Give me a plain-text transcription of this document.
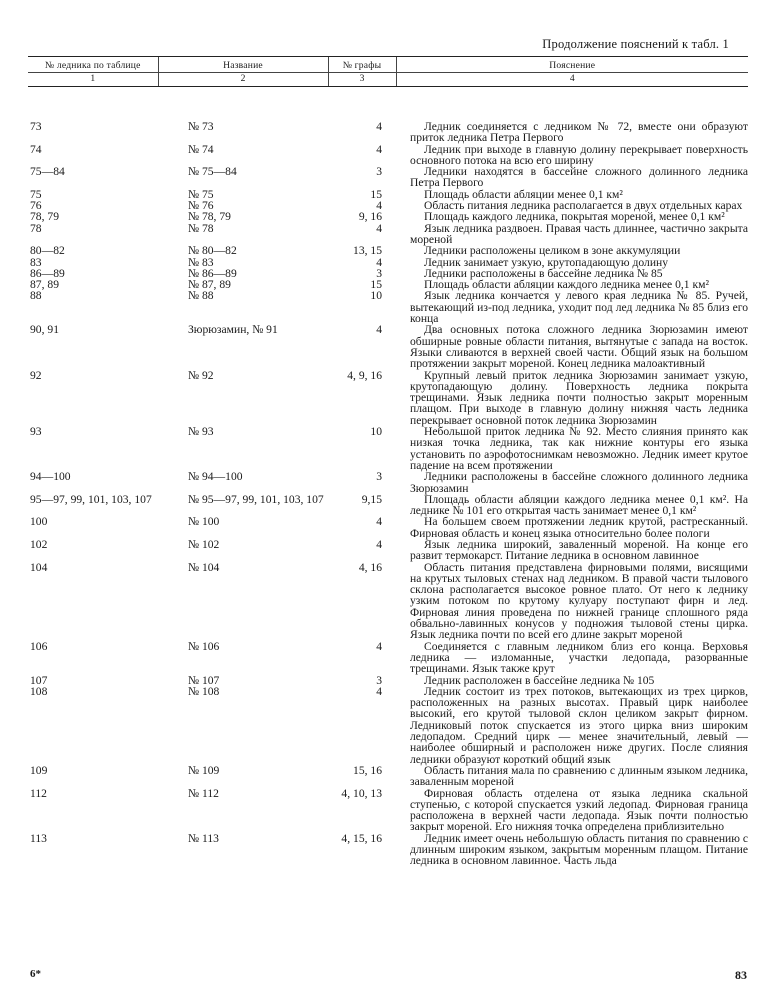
Продолжение пояснений к табл. 1
№ ледника по таблице	Название	№ графы	Пояснение
1	2	3	4

73	№ 73	4	Ледник соединяется с ледником № 72, вместе они образуют приток ледника Петра Первого
74	№ 74	4	Ледник при выходе в главную долину перекрывает поверхность основного потока на всю его ширину
75—84	№ 75—84	3	Ледники находятся в бассейне сложного долинного ледника Петра Первого
75	№ 75	15	Площадь области абляции менее 0,1 км²
76	№ 76	4	Область питания ледника располагается в двух отдельных карах
78, 79	№ 78, 79	9, 16	Площадь каждого ледника, покрытая мореной, менее 0,1 км²
78	№ 78	4	Язык ледника раздвоен. Правая часть длиннее, частично закрыта мореной
80—82	№ 80—82	13, 15	Ледники расположены целиком в зоне аккумуляции
83	№ 83	4	Ледник занимает узкую, крутопадающую долину
86—89	№ 86—89	3	Ледники расположены в бассейне ледника № 85
87, 89	№ 87, 89	15	Площадь области абляции каждого ледника менее 0,1 км²
88	№ 88	10	Язык ледника кончается у левого края ледника № 85. Ручей, вытекающий из-под ледника, уходит под лед ледника № 85 близ его конца
90, 91	Зюрюзамин, № 91	4	Два основных потока сложного ледника Зюрюзамин имеют обширные ровные области питания, вытянутые с запада на восток. Языки сливаются в верхней своей части. Общий язык на большом протяжении закрыт мореной. Конец ледника малоактивный
92	№ 92	4, 9, 16	Крупный левый приток ледника Зюрюзамин занимает узкую, крутопадающую долину. Поверхность ледника покрыта трещинами. Язык ледника почти полностью закрыт моренным плащом. При выходе в главную долину нижняя часть ледника перекрывает основной поток ледника Зюрюзамин
93	№ 93	10	Небольшой приток ледника № 92. Место слияния принято как низкая точка ледника, так как нижние контуры его языка установить по аэрофотоснимкам невозможно. Ледник имеет крутое падение на всем протяжении
94—100	№ 94—100	3	Ледники расположены в бассейне сложного долинного ледника Зюрюзамин
95—97, 99, 101, 103, 107	№ 95—97, 99, 101, 103, 107	9,15	Площадь области абляции каждого ледника менее 0,1 км². На леднике № 101 его открытая часть занимает менее 0,1 км²
100	№ 100	4	На большем своем протяжении ледник крутой, растресканный. Фирновая область и конец языка относительно более пологи
102	№ 102	4	Язык ледника широкий, заваленный мореной. На конце его развит термокарст. Питание ледника в основном лавинное
104	№ 104	4, 16	Область питания представлена фирновыми полями, висящими на крутых тыловых стенах над ледником. В правой части тылового склона располагается высокое ровное плато. От него к леднику узким потоком по крутому кулуару поступают фирн и лед. Фирновая линия проведена по нижней границе сплошного ряда обвально-лавинных конусов у подножия тыловой стены цирка. Язык ледника почти по всей его длине закрыт мореной
106	№ 106	4	Соединяется с главным ледником близ его конца. Верховья ледника — изломанные, участки ледопада, разорванные трещинами. Язык также крут
107	№ 107	3	Ледник расположен в бассейне ледника № 105
108	№ 108	4	Ледник состоит из трех потоков, вытекающих из трех цирков, расположенных на разных высотах. Правый цирк наиболее высокий, его крутой тыловой склон целиком закрыт фирном. Ледниковый поток спускается из этого цирка вниз широким ледопадом. Средний цирк — менее значительный, левый — наиболее обширный и расположен ниже других. После слияния ледники образуют короткий общий язык
109	№ 109	15, 16	Область питания мала по сравнению с длинным языком ледника, заваленным мореной
112	№ 112	4, 10, 13	Фирновая область отделена от языка ледника скальной ступенью, с которой спускается узкий ледопад. Фирновая граница расположена в верхней части ледопада. Язык почти полностью закрыт мореной. Его нижняя точка определена приблизительно
113	№ 113	4, 15, 16	Ледник имеет очень небольшую область питания по сравнению с длинным широким языком, закрытым моренным плащом. Питание ледника в основном лавинное. Часть льда
6*	83
